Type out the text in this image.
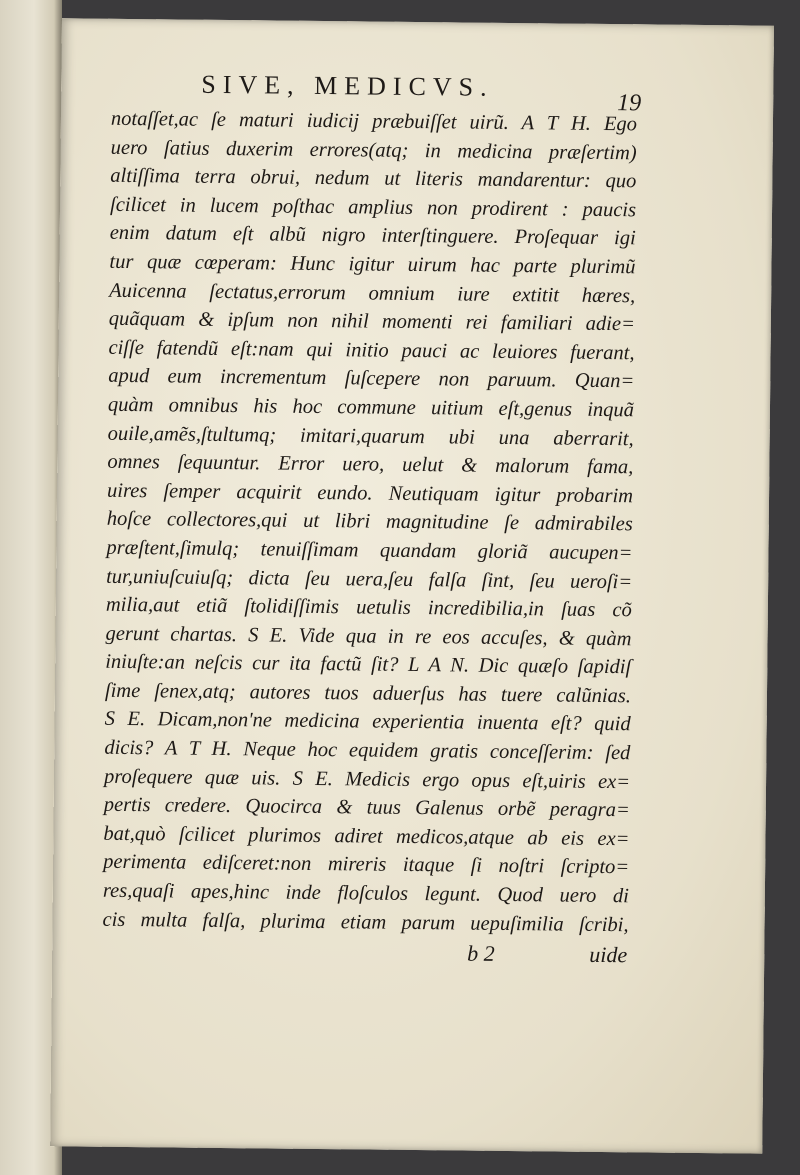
SIVE, MEDICVS.
19
notaſſet,ac ſe maturi iudicij præbuiſſet uirũ. A T H. Ego
uero ſatius duxerim errores(atq; in medicina præſertim)
altiſſima terra obrui, nedum ut literis mandarentur: quo
ſcilicet in lucem poſthac amplius non prodirent : paucis
enim datum eſt albũ nigro interſtinguere. Proſequar igi
tur quæ cœperam: Hunc igitur uirum hac parte plurimũ
Auicenna ſectatus,errorum omnium iure extitit hæres,
quãquam & ipſum non nihil momenti rei familiari adie=
ciſſe fatendũ eſt:nam qui initio pauci ac leuiores fuerant,
apud eum incrementum ſuſcepere non paruum. Quan=
quàm omnibus his hoc commune uitium eſt,genus inquã
ouile,amẽs,ſtultumq; imitari,quarum ubi una aberrarit,
omnes ſequuntur. Error uero, uelut & malorum fama,
uires ſemper acquirit eundo. Neutiquam igitur probarim
hoſce collectores,qui ut libri magnitudine ſe admirabiles
præſtent,ſimulq; tenuiſſimam quandam gloriã aucupen=
tur,uniuſcuiuſq; dicta ſeu uera,ſeu falſa ſint, ſeu ueroſi=
milia,aut etiã ſtolidiſſimis uetulis incredibilia,in ſuas cõ
gerunt chartas. S E. Vide qua in re eos accuſes, & quàm
iniuſte:an neſcis cur ita factũ ſit? L A N. Dic quæſo ſapidiſ
ſime ſenex,atq; autores tuos aduerſus has tuere calũnias.
S E. Dicam,non'ne medicina experientia inuenta eſt? quid
dicis? A T H. Neque hoc equidem gratis conceſſerim: ſed
proſequere quæ uis. S E. Medicis ergo opus eſt,uiris ex=
pertis credere. Quocirca & tuus Galenus orbẽ peragra=
bat,quò ſcilicet plurimos adiret medicos,atque ab eis ex=
perimenta ediſceret:non mireris itaque ſi noſtri ſcripto=
res,quaſi apes,hinc inde floſculos legunt. Quod uero di
cis multa falſa, plurima etiam parum uериſimilia ſcribi,
b 2	uide
